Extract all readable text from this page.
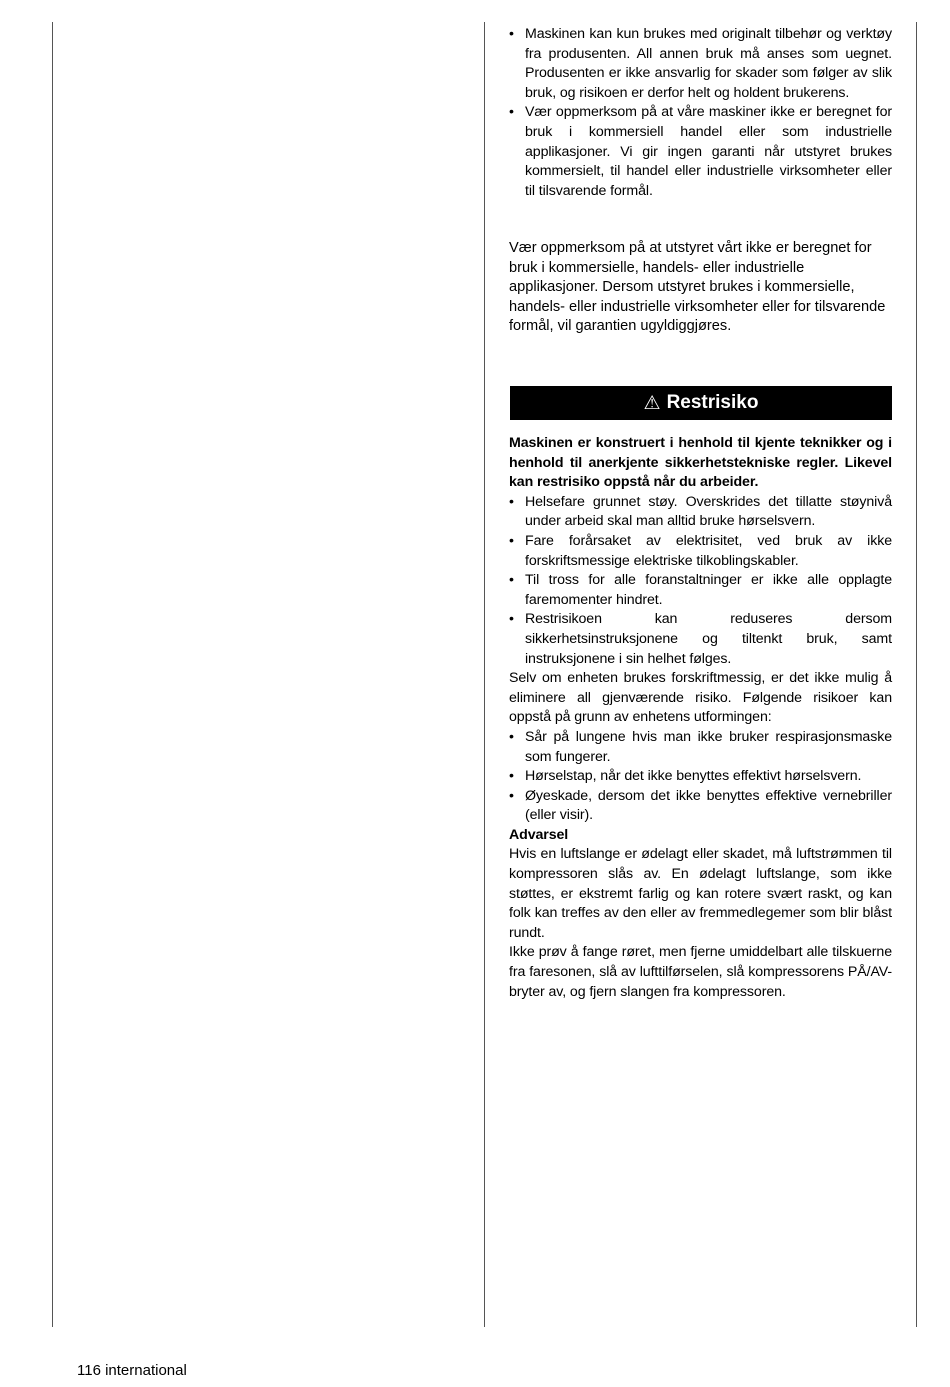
• Maskinen kan kun brukes med originalt tilbehør og verktøy fra produsenten. All annen bruk må anses som uegnet. Produsenten er ikke ansvarlig for skader som følger av slik bruk, og risikoen er derfor helt og holdent brukerens.
• Vær oppmerksom på at våre maskiner ikke er beregnet for bruk i kommersiell handel eller som industrielle applikasjoner. Vi gir ingen garanti når utstyret brukes kommersielt, til handel eller industrielle virksomheter eller til tilsvarende formål.

Vær oppmerksom på at utstyret vårt ikke er beregnet for bruk i kommersielle, handels- eller industrielle applikasjoner. Dersom utstyret brukes i kommersielle, handels- eller industrielle virksomheter eller for tilsvarende formål, vil garantien ugyldiggjøres.

⚠ Restrisiko

Maskinen er konstruert i henhold til kjente teknikker og i henhold til anerkjente sikkerhetstekniske regler. Likevel kan restrisiko oppstå når du arbeider.

• Helsefare grunnet støy. Overskrides det tillatte støynivå under arbeid skal man alltid bruke hørselsvern.
• Fare forårsaket av elektrisitet, ved bruk av ikke forskriftsmessige elektriske tilkoblingskabler.
• Til tross for alle foranstaltninger er ikke alle opplagte faremomenter hindret.
• Restrisikoen kan reduseres dersom sikkerhetsinstruksjonene og tiltenkt bruk, samt instruksjonene i sin helhet følges.

Selv om enheten brukes forskriftmessig, er det ikke mulig å eliminere all gjenværende risiko. Følgende risikoer kan oppstå på grunn av enhetens utformingen:

• Sår på lungene hvis man ikke bruker respirasjonsmaske som fungerer.
• Hørselstap, når det ikke benyttes effektivt hørselsvern.
• Øyeskade, dersom det ikke benyttes effektive vernebriller (eller visir).

Advarsel

Hvis en luftslange er ødelagt eller skadet, må luftstrømmen til kompressoren slås av. En ødelagt luftslange, som ikke støttes, er ekstremt farlig og kan rotere svært raskt, og kan folk kan treffes av den eller av fremmedlegemer som blir blåst rundt.

Ikke prøv å fange røret, men fjerne umiddelbart alle tilskuerne fra faresonen, slå av lufttilførselen, slå kompressorens PÅ/AV-bryter av, og fjern slangen fra kompressoren.

116 international
